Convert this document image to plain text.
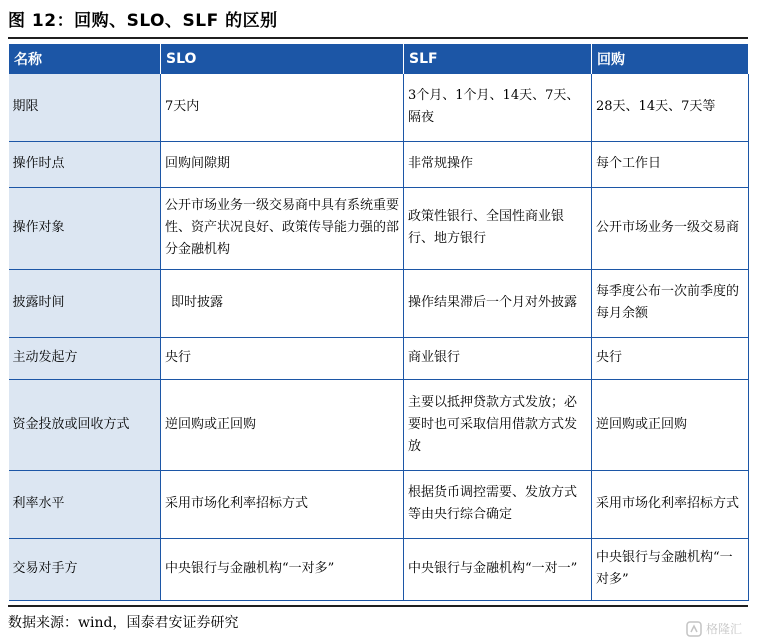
图 12：回购、SLO、SLF 的区别
名称	SLO	SLF	回购
期限	7天内	3个月、1个月、14天、7天、隔夜	28天、14天、7天等
操作时点	回购间隙期	非常规操作	每个工作日
操作对象	公开市场业务一级交易商中具有系统重要性、资产状况良好、政策传导能力强的部分金融机构	政策性银行、全国性商业银行、地方银行	公开市场业务一级交易商
披露时间	即时披露	操作结果滞后一个月对外披露	每季度公布一次前季度的每月余额
主动发起方	央行	商业银行	央行
资金投放或回收方式	逆回购或正回购	主要以抵押贷款方式发放；必要时也可采取信用借款方式发放	逆回购或正回购
利率水平	采用市场化利率招标方式	根据货币调控需要、发放方式等由央行综合确定	采用市场化利率招标方式
交易对手方	中央银行与金融机构“一对多”	中央银行与金融机构“一对一”	中央银行与金融机构“一对多”
数据来源：wind，国泰君安证券研究	格隆汇
